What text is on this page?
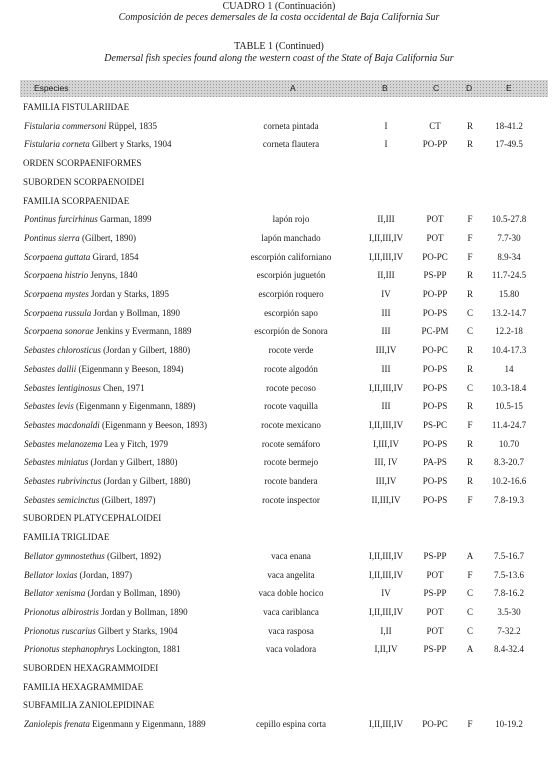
CUADRO 1 (Continuación)
Composición de peces demersales de la costa occidental de Baja California Sur
TABLE 1 (Continued)
Demersal fish species found along the western coast of the State of Baja California Sur
Especies	A	B	C	D	E
FAMILIA FISTULARIIDAE
Fistularia commersoni Rüppel, 1835	corneta pintada	I	CT	R	18-41.2
Fistularia corneta Gilbert y Starks, 1904	corneta flautera	I	PO-PP	R	17-49.5
ORDEN SCORPAENIFORMES
SUBORDEN SCORPAENOIDEI
FAMILIA SCORPAENIDAE
Pontinus furcirhinus Garman, 1899	lapón rojo	II,III	POT	F	10.5-27.8
Pontinus sierra (Gilbert, 1890)	lapón manchado	I,II,III,IV	POT	F	7.7-30
Scorpaena guttata Girard, 1854	escorpión californiano	I,II,III,IV	PO-PC	F	8.9-34
Scorpaena histrio Jenyns, 1840	escorpión juguetón	II,III	PS-PP	R	11.7-24.5
Scorpaena mystes Jordan y Starks, 1895	escorpión roquero	IV	PO-PP	R	15.80
Scorpaena russula Jordan y Bollman, 1890	escorpión sapo	III	PO-PS	C	13.2-14.7
Scorpaena sonorae Jenkins y Evermann, 1889	escorpión de Sonora	III	PC-PM	C	12.2-18
Sebastes chlorosticus (Jordan y Gilbert, 1880)	rocote verde	III,IV	PO-PC	R	10.4-17.3
Sebastes dallii (Eigenmann y Beeson, 1894)	rocote algodón	III	PO-PS	R	14
Sebastes lentiginosus Chen, 1971	rocote pecoso	I,II,III,IV	PO-PS	C	10.3-18.4
Sebastes levis (Eigenmann y Eigenmann, 1889)	rocote vaquilla	III	PO-PS	R	10.5-15
Sebastes macdonaldi (Eigenmann y Beeson, 1893)	rocote mexicano	I,II,III,IV	PS-PC	F	11.4-24.7
Sebastes melanozema Lea y Fitch, 1979	rocote semáforo	I,III,IV	PO-PS	R	10.70
Sebastes miniatus (Jordan y Gilbert, 1880)	rocote bermejo	III, IV	PA-PS	R	8.3-20.7
Sebastes rubrivinctus (Jordan y Gilbert, 1880)	rocote bandera	III,IV	PO-PS	R	10.2-16.6
Sebastes semicinctus (Gilbert, 1897)	rocote inspector	II,III,IV	PO-PS	F	7.8-19.3
SUBORDEN PLATYCEPHALOIDEI
FAMILIA TRIGLIDAE
Bellator gymnostethus (Gilbert, 1892)	vaca enana	I,II,III,IV	PS-PP	A	7.5-16.7
Bellator loxias (Jordan, 1897)	vaca angelita	I,II,III,IV	POT	F	7.5-13.6
Bellator xenisma (Jordan y Bollman, 1890)	vaca doble hocico	IV	PS-PP	C	7.8-16.2
Prionotus albirostris Jordan y Bollman, 1890	vaca cariblanca	I,II,III,IV	POT	C	3.5-30
Prionotus ruscarius Gilbert y Starks, 1904	vaca rasposa	I,II	POT	C	7-32.2
Prionotus stephanophrys Lockington, 1881	vaca voladora	I,II,IV	PS-PP	A	8.4-32.4
SUBORDEN HEXAGRAMMOIDEI
FAMILIA HEXAGRAMMIDAE
SUBFAMILIA ZANIOLEPIDINAE
Zaniolepis frenata Eigenmann y Eigenmann, 1889	cepillo espina corta	I,II,III,IV	PO-PC	F	10-19.2
